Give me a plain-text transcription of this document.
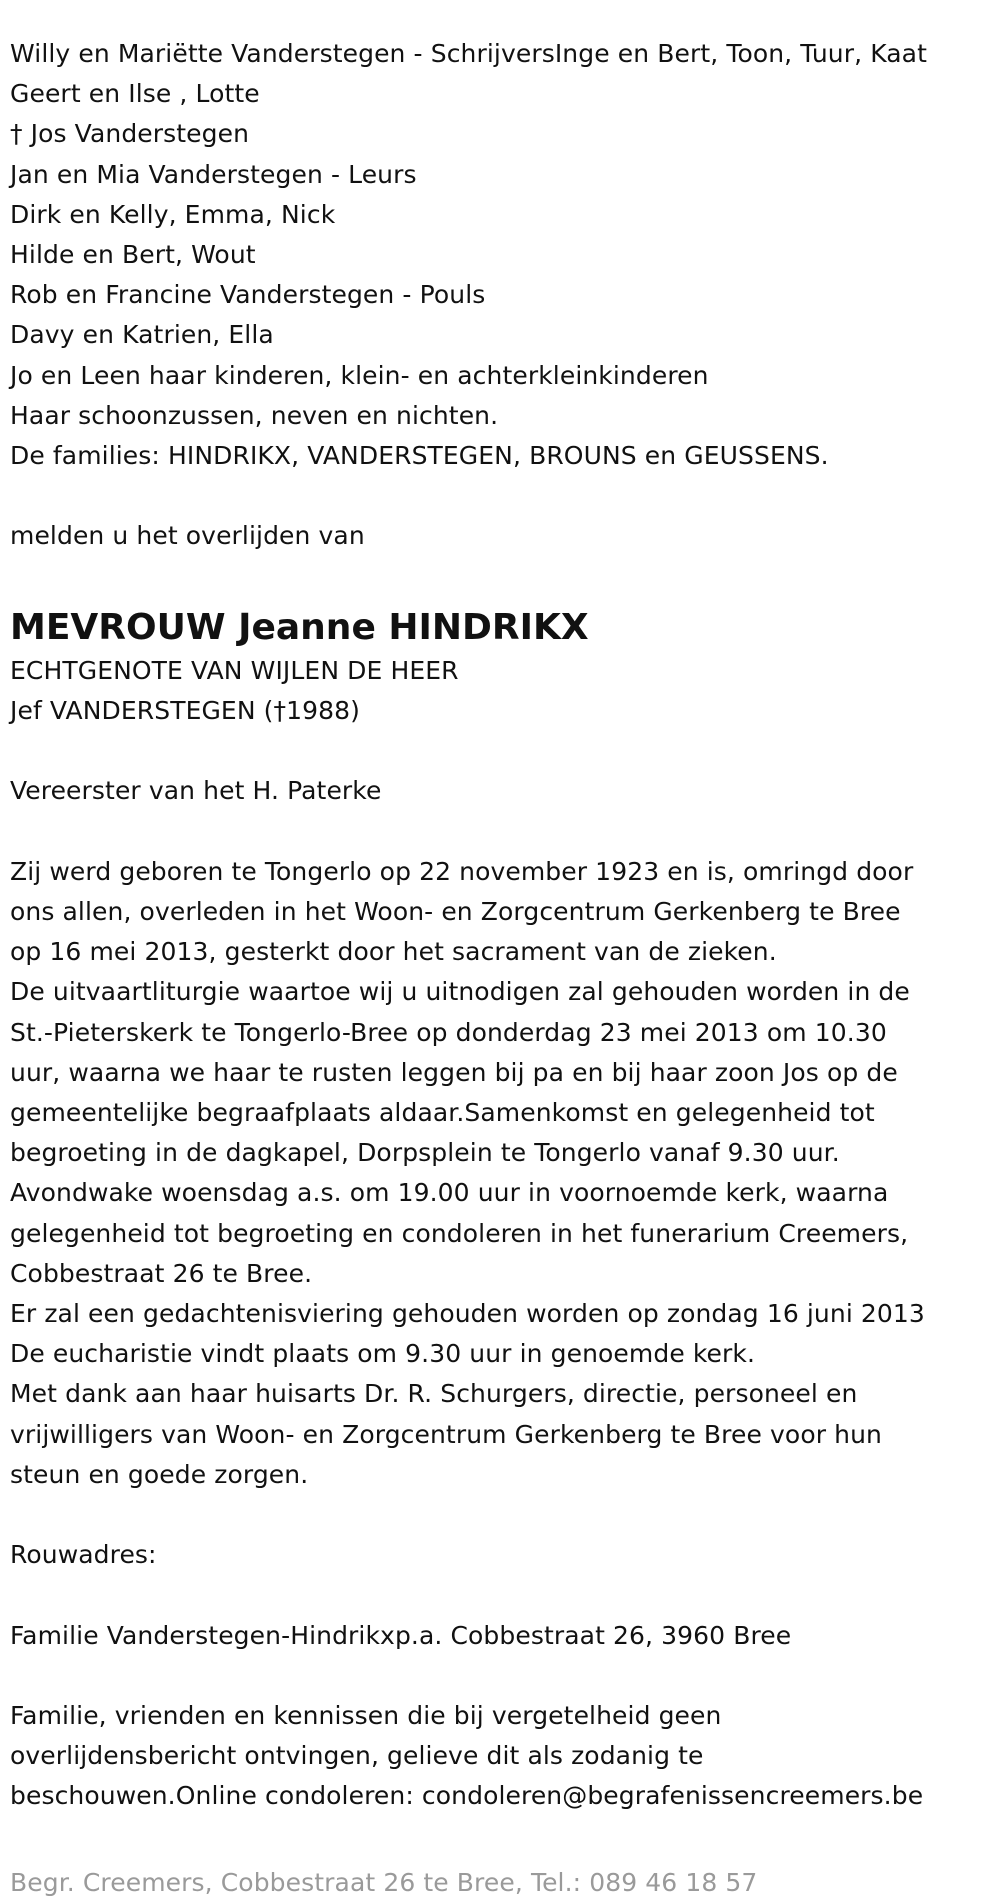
Willy en Mariëtte Vanderstegen - SchrijversInge en Bert, Toon, Tuur, Kaat
Geert en Ilse , Lotte
† Jos Vanderstegen
Jan en Mia Vanderstegen - Leurs
Dirk en Kelly, Emma, Nick
Hilde en Bert, Wout
Rob en Francine Vanderstegen - Pouls
Davy en Katrien, Ella
Jo en Leen haar kinderen, klein- en achterkleinkinderen
Haar schoonzussen, neven en nichten.
De families: HINDRIKX, VANDERSTEGEN, BROUNS en GEUSSENS.
melden u het overlijden van
MEVROUW Jeanne HINDRIKX
ECHTGENOTE VAN WIJLEN DE HEER
Jef VANDERSTEGEN (†1988)
Vereerster van het H. Paterke
Zij werd geboren te Tongerlo op 22 november 1923 en is, omringd door
ons allen, overleden in het Woon- en Zorgcentrum Gerkenberg te Bree
op 16 mei 2013, gesterkt door het sacrament van de zieken.
De uitvaartliturgie waartoe wij u uitnodigen zal gehouden worden in de
St.-Pieterskerk te Tongerlo-Bree op donderdag 23 mei 2013 om 10.30
uur, waarna we haar te rusten leggen bij pa en bij haar zoon Jos op de
gemeentelijke begraafplaats aldaar.Samenkomst en gelegenheid tot
begroeting in de dagkapel, Dorpsplein te Tongerlo vanaf 9.30 uur.
Avondwake woensdag a.s. om 19.00 uur in voornoemde kerk, waarna
gelegenheid tot begroeting en condoleren in het funerarium Creemers,
Cobbestraat 26 te Bree.
Er zal een gedachtenisviering gehouden worden op zondag 16 juni 2013
De eucharistie vindt plaats om 9.30 uur in genoemde kerk.
Met dank aan haar huisarts Dr. R. Schurgers, directie, personeel en
vrijwilligers van Woon- en Zorgcentrum Gerkenberg te Bree voor hun
steun en goede zorgen.
Rouwadres:
Familie Vanderstegen-Hindrikxp.a. Cobbestraat 26, 3960 Bree
Familie, vrienden en kennissen die bij vergetelheid geen
overlijdensbericht ontvingen, gelieve dit als zodanig te
beschouwen.Online condoleren: condoleren@begrafenissencreemers.be
Begr. Creemers, Cobbestraat 26 te Bree, Tel.: 089 46 18 57
